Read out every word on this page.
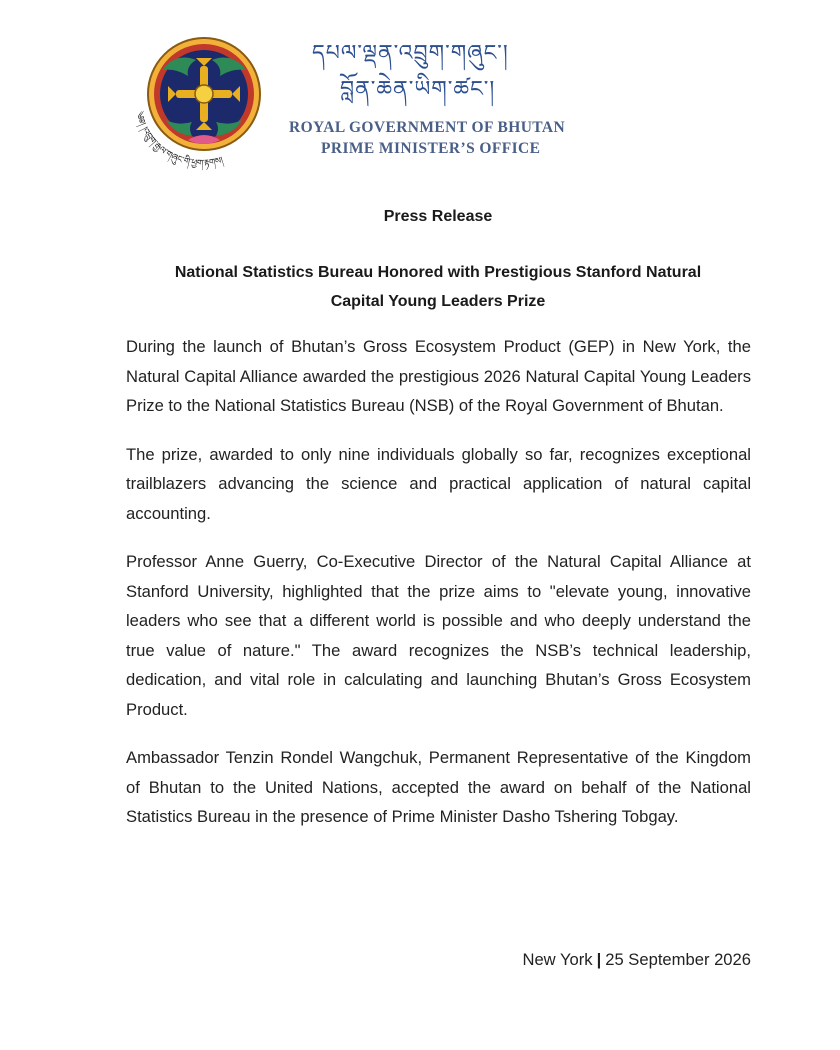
༄༅། །འབྲུག་རྒྱལ་གཞུང་གི་ཕྱག་རྟགས།
དཔལ་ལྡན་འབྲུག་གཞུང་།
བློན་ཆེན་ཡིག་ཚང་།
ROYAL GOVERNMENT OF BHUTAN
PRIME MINISTER’S OFFICE
Press Release
National Statistics Bureau Honored with Prestigious Stanford Natural
Capital Young Leaders Prize

During the launch of Bhutan’s Gross Ecosystem Product (GEP) in New York, the Natural Capital Alliance awarded the prestigious 2026 Natural Capital Young Leaders Prize to the National Statistics Bureau (NSB) of the Royal Government of Bhutan.

The prize, awarded to only nine individuals globally so far, recognizes exceptional trailblazers advancing the science and practical application of natural capital accounting.

Professor Anne Guerry, Co-Executive Director of the Natural Capital Alliance at Stanford University, highlighted that the prize aims to "elevate young, innovative leaders who see that a different world is possible and who deeply understand the true value of nature." The award recognizes the NSB’s technical leadership, dedication, and vital role in calculating and launching Bhutan’s Gross Ecosystem Product.

Ambassador Tenzin Rondel Wangchuk, Permanent Representative of the Kingdom of Bhutan to the United Nations, accepted the award on behalf of the National Statistics Bureau in the presence of Prime Minister Dasho Tshering Tobgay.

New York | 25 September 2026
